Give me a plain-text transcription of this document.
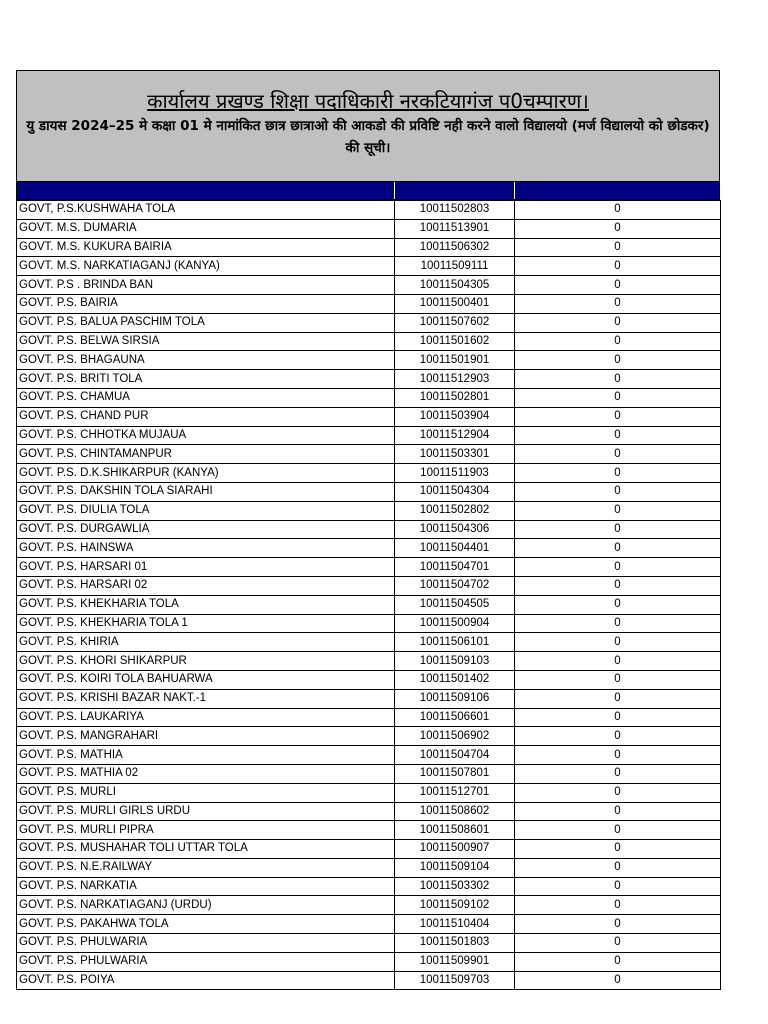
कार्यालय प्रखण्ड शिक्षा पदाधिकारी नरकटियागंज प0चम्पारण।

यु डायस 2024–25 मे कक्षा 01 मे नामांकित छात्र छात्राओ की आकडो की प्रविष्टि नही करने वालो विद्यालयो (मर्ज विद्यालयो को छोडकर) की सूची।

GOVT, P.S.KUSHWAHA TOLA	10011502803	0
GOVT. M.S. DUMARIA	10011513901	0
GOVT. M.S. KUKURA BAIRIA	10011506302	0
GOVT. M.S. NARKATIAGANJ (KANYA)	10011509111	0
GOVT. P.S . BRINDA BAN	10011504305	0
GOVT. P.S. BAIRIA	10011500401	0
GOVT. P.S. BALUA PASCHIM TOLA	10011507602	0
GOVT. P.S. BELWA SIRSIA	10011501602	0
GOVT. P.S. BHAGAUNA	10011501901	0
GOVT. P.S. BRITI TOLA	10011512903	0
GOVT. P.S. CHAMUA	10011502801	0
GOVT. P.S. CHAND PUR	10011503904	0
GOVT. P.S. CHHOTKA MUJAUA	10011512904	0
GOVT. P.S. CHINTAMANPUR	10011503301	0
GOVT. P.S. D.K.SHIKARPUR (KANYA)	10011511903	0
GOVT. P.S. DAKSHIN TOLA SIARAHI	10011504304	0
GOVT. P.S. DIULIA TOLA	10011502802	0
GOVT. P.S. DURGAWLIA	10011504306	0
GOVT. P.S. HAINSWA	10011504401	0
GOVT. P.S. HARSARI 01	10011504701	0
GOVT. P.S. HARSARI 02	10011504702	0
GOVT. P.S. KHEKHARIA TOLA	10011504505	0
GOVT. P.S. KHEKHARIA TOLA 1	10011500904	0
GOVT. P.S. KHIRIA	10011506101	0
GOVT. P.S. KHORI SHIKARPUR	10011509103	0
GOVT. P.S. KOIRI TOLA BAHUARWA	10011501402	0
GOVT. P.S. KRISHI BAZAR NAKT.-1	10011509106	0
GOVT. P.S. LAUKARIYA	10011506601	0
GOVT. P.S. MANGRAHARI	10011506902	0
GOVT. P.S. MATHIA	10011504704	0
GOVT. P.S. MATHIA 02	10011507801	0
GOVT. P.S. MURLI	10011512701	0
GOVT. P.S. MURLI GIRLS URDU	10011508602	0
GOVT. P.S. MURLI PIPRA	10011508601	0
GOVT. P.S. MUSHAHAR TOLI UTTAR TOLA	10011500907	0
GOVT. P.S. N.E.RAILWAY	10011509104	0
GOVT. P.S. NARKATIA	10011503302	0
GOVT. P.S. NARKATIAGANJ (URDU)	10011509102	0
GOVT. P.S. PAKAHWA TOLA	10011510404	0
GOVT. P.S. PHULWARIA	10011501803	0
GOVT. P.S. PHULWARIA	10011509901	0
GOVT. P.S. POIYA	10011509703	0
